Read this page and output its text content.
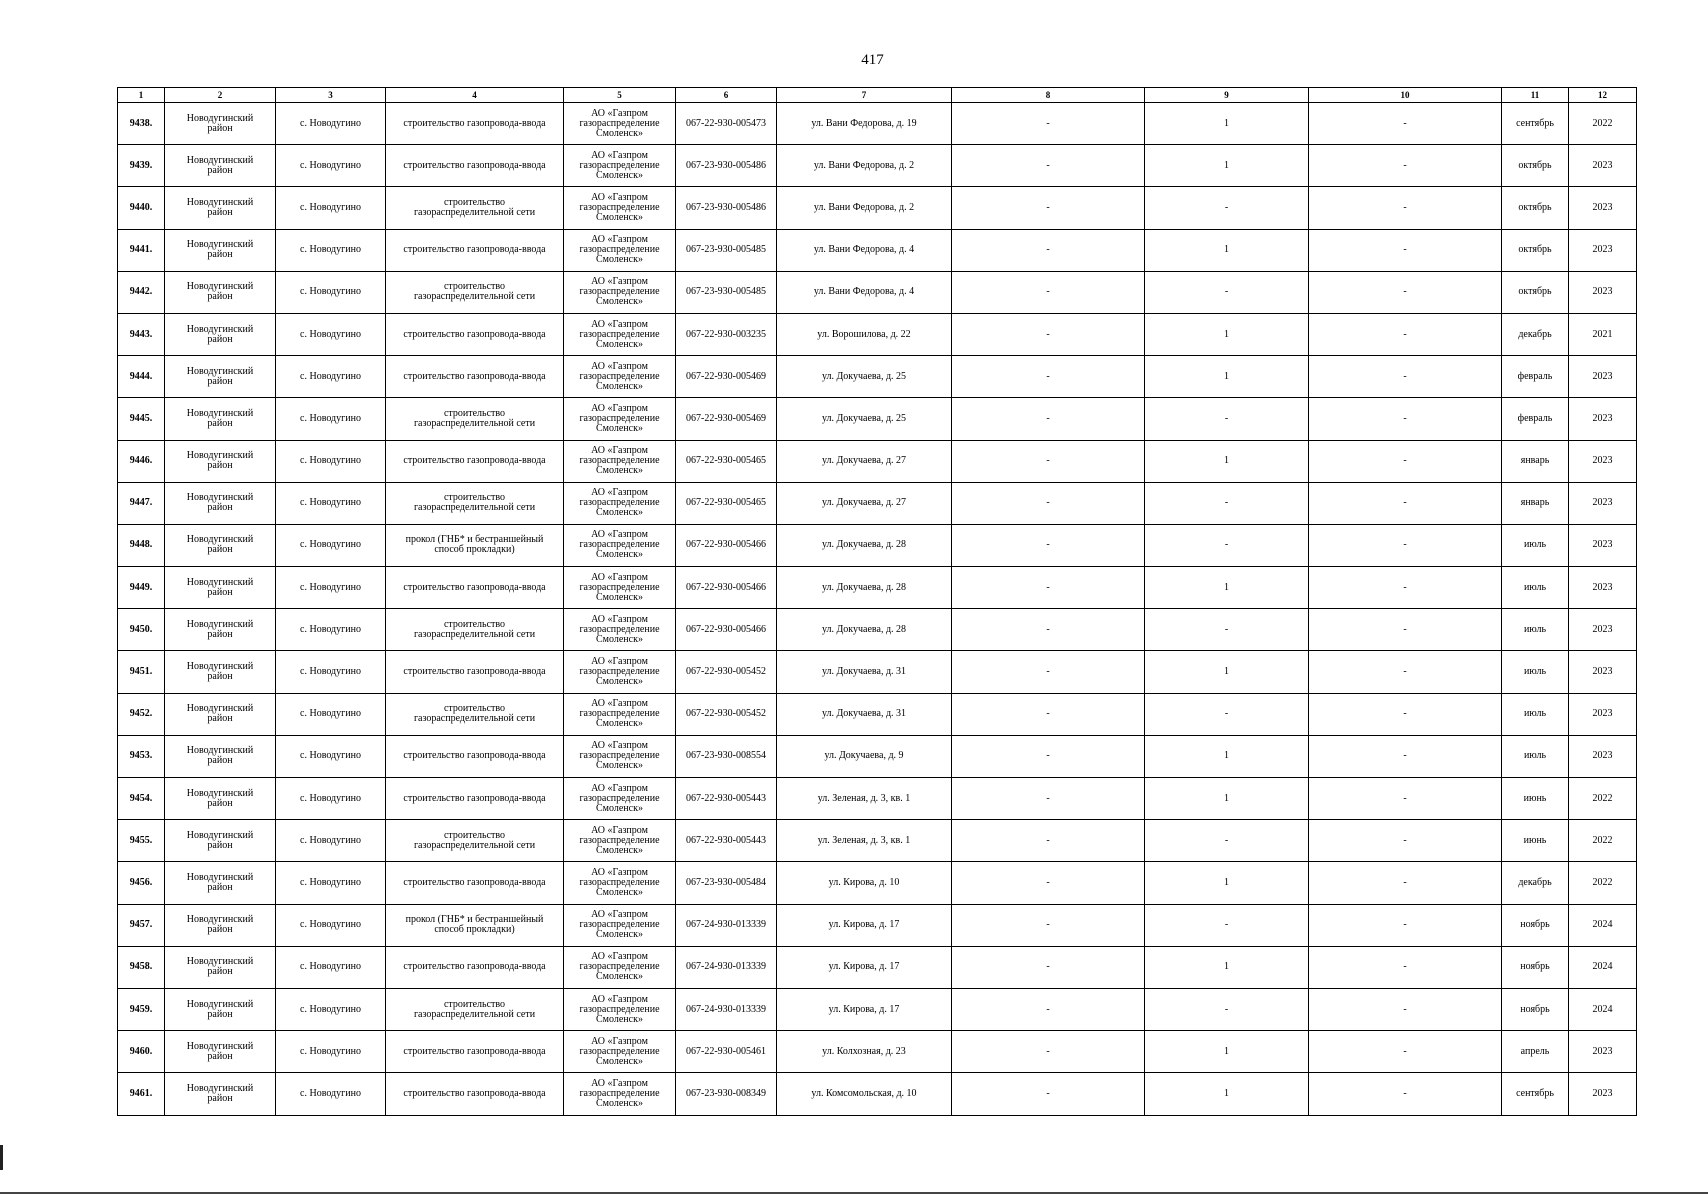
417
1	2	3	4	5	6	7	8	9	10	11	12
9438.	Новодугинский
район	с. Новодугино	строительство газопровода-ввода	АО «Газпром
газораспределение
Смоленск»	067-22-930-005473	ул. Вани Федорова, д. 19	-	1	-	сентябрь	2022
9439.	Новодугинский
район	с. Новодугино	строительство газопровода-ввода	АО «Газпром
газораспределение
Смоленск»	067-23-930-005486	ул. Вани Федорова, д. 2	-	1	-	октябрь	2023
9440.	Новодугинский
район	с. Новодугино	строительство
газораспределительной сети	АО «Газпром
газораспределение
Смоленск»	067-23-930-005486	ул. Вани Федорова, д. 2	-	-	-	октябрь	2023
9441.	Новодугинский
район	с. Новодугино	строительство газопровода-ввода	АО «Газпром
газораспределение
Смоленск»	067-23-930-005485	ул. Вани Федорова, д. 4	-	1	-	октябрь	2023
9442.	Новодугинский
район	с. Новодугино	строительство
газораспределительной сети	АО «Газпром
газораспределение
Смоленск»	067-23-930-005485	ул. Вани Федорова, д. 4	-	-	-	октябрь	2023
9443.	Новодугинский
район	с. Новодугино	строительство газопровода-ввода	АО «Газпром
газораспределение
Смоленск»	067-22-930-003235	ул. Ворошилова, д. 22	-	1	-	декабрь	2021
9444.	Новодугинский
район	с. Новодугино	строительство газопровода-ввода	АО «Газпром
газораспределение
Смоленск»	067-22-930-005469	ул. Докучаева, д. 25	-	1	-	февраль	2023
9445.	Новодугинский
район	с. Новодугино	строительство
газораспределительной сети	АО «Газпром
газораспределение
Смоленск»	067-22-930-005469	ул. Докучаева, д. 25	-	-	-	февраль	2023
9446.	Новодугинский
район	с. Новодугино	строительство газопровода-ввода	АО «Газпром
газораспределение
Смоленск»	067-22-930-005465	ул. Докучаева, д. 27	-	1	-	январь	2023
9447.	Новодугинский
район	с. Новодугино	строительство
газораспределительной сети	АО «Газпром
газораспределение
Смоленск»	067-22-930-005465	ул. Докучаева, д. 27	-	-	-	январь	2023
9448.	Новодугинский
район	с. Новодугино	прокол (ГНБ* и бестраншейный
способ прокладки)	АО «Газпром
газораспределение
Смоленск»	067-22-930-005466	ул. Докучаева, д. 28	-	-	-	июль	2023
9449.	Новодугинский
район	с. Новодугино	строительство газопровода-ввода	АО «Газпром
газораспределение
Смоленск»	067-22-930-005466	ул. Докучаева, д. 28	-	1	-	июль	2023
9450.	Новодугинский
район	с. Новодугино	строительство
газораспределительной сети	АО «Газпром
газораспределение
Смоленск»	067-22-930-005466	ул. Докучаева, д. 28	-	-	-	июль	2023
9451.	Новодугинский
район	с. Новодугино	строительство газопровода-ввода	АО «Газпром
газораспределение
Смоленск»	067-22-930-005452	ул. Докучаева, д. 31	-	1	-	июль	2023
9452.	Новодугинский
район	с. Новодугино	строительство
газораспределительной сети	АО «Газпром
газораспределение
Смоленск»	067-22-930-005452	ул. Докучаева, д. 31	-	-	-	июль	2023
9453.	Новодугинский
район	с. Новодугино	строительство газопровода-ввода	АО «Газпром
газораспределение
Смоленск»	067-23-930-008554	ул. Докучаева, д. 9	-	1	-	июль	2023
9454.	Новодугинский
район	с. Новодугино	строительство газопровода-ввода	АО «Газпром
газораспределение
Смоленск»	067-22-930-005443	ул. Зеленая, д. 3, кв. 1	-	1	-	июнь	2022
9455.	Новодугинский
район	с. Новодугино	строительство
газораспределительной сети	АО «Газпром
газораспределение
Смоленск»	067-22-930-005443	ул. Зеленая, д. 3, кв. 1	-	-	-	июнь	2022
9456.	Новодугинский
район	с. Новодугино	строительство газопровода-ввода	АО «Газпром
газораспределение
Смоленск»	067-23-930-005484	ул. Кирова, д. 10	-	1	-	декабрь	2022
9457.	Новодугинский
район	с. Новодугино	прокол (ГНБ* и бестраншейный
способ прокладки)	АО «Газпром
газораспределение
Смоленск»	067-24-930-013339	ул. Кирова, д. 17	-	-	-	ноябрь	2024
9458.	Новодугинский
район	с. Новодугино	строительство газопровода-ввода	АО «Газпром
газораспределение
Смоленск»	067-24-930-013339	ул. Кирова, д. 17	-	1	-	ноябрь	2024
9459.	Новодугинский
район	с. Новодугино	строительство
газораспределительной сети	АО «Газпром
газораспределение
Смоленск»	067-24-930-013339	ул. Кирова, д. 17	-	-	-	ноябрь	2024
9460.	Новодугинский
район	с. Новодугино	строительство газопровода-ввода	АО «Газпром
газораспределение
Смоленск»	067-22-930-005461	ул. Колхозная, д. 23	-	1	-	апрель	2023
9461.	Новодугинский
район	с. Новодугино	строительство газопровода-ввода	АО «Газпром
газораспределение
Смоленск»	067-23-930-008349	ул. Комсомольская, д. 10	-	1	-	сентябрь	2023
